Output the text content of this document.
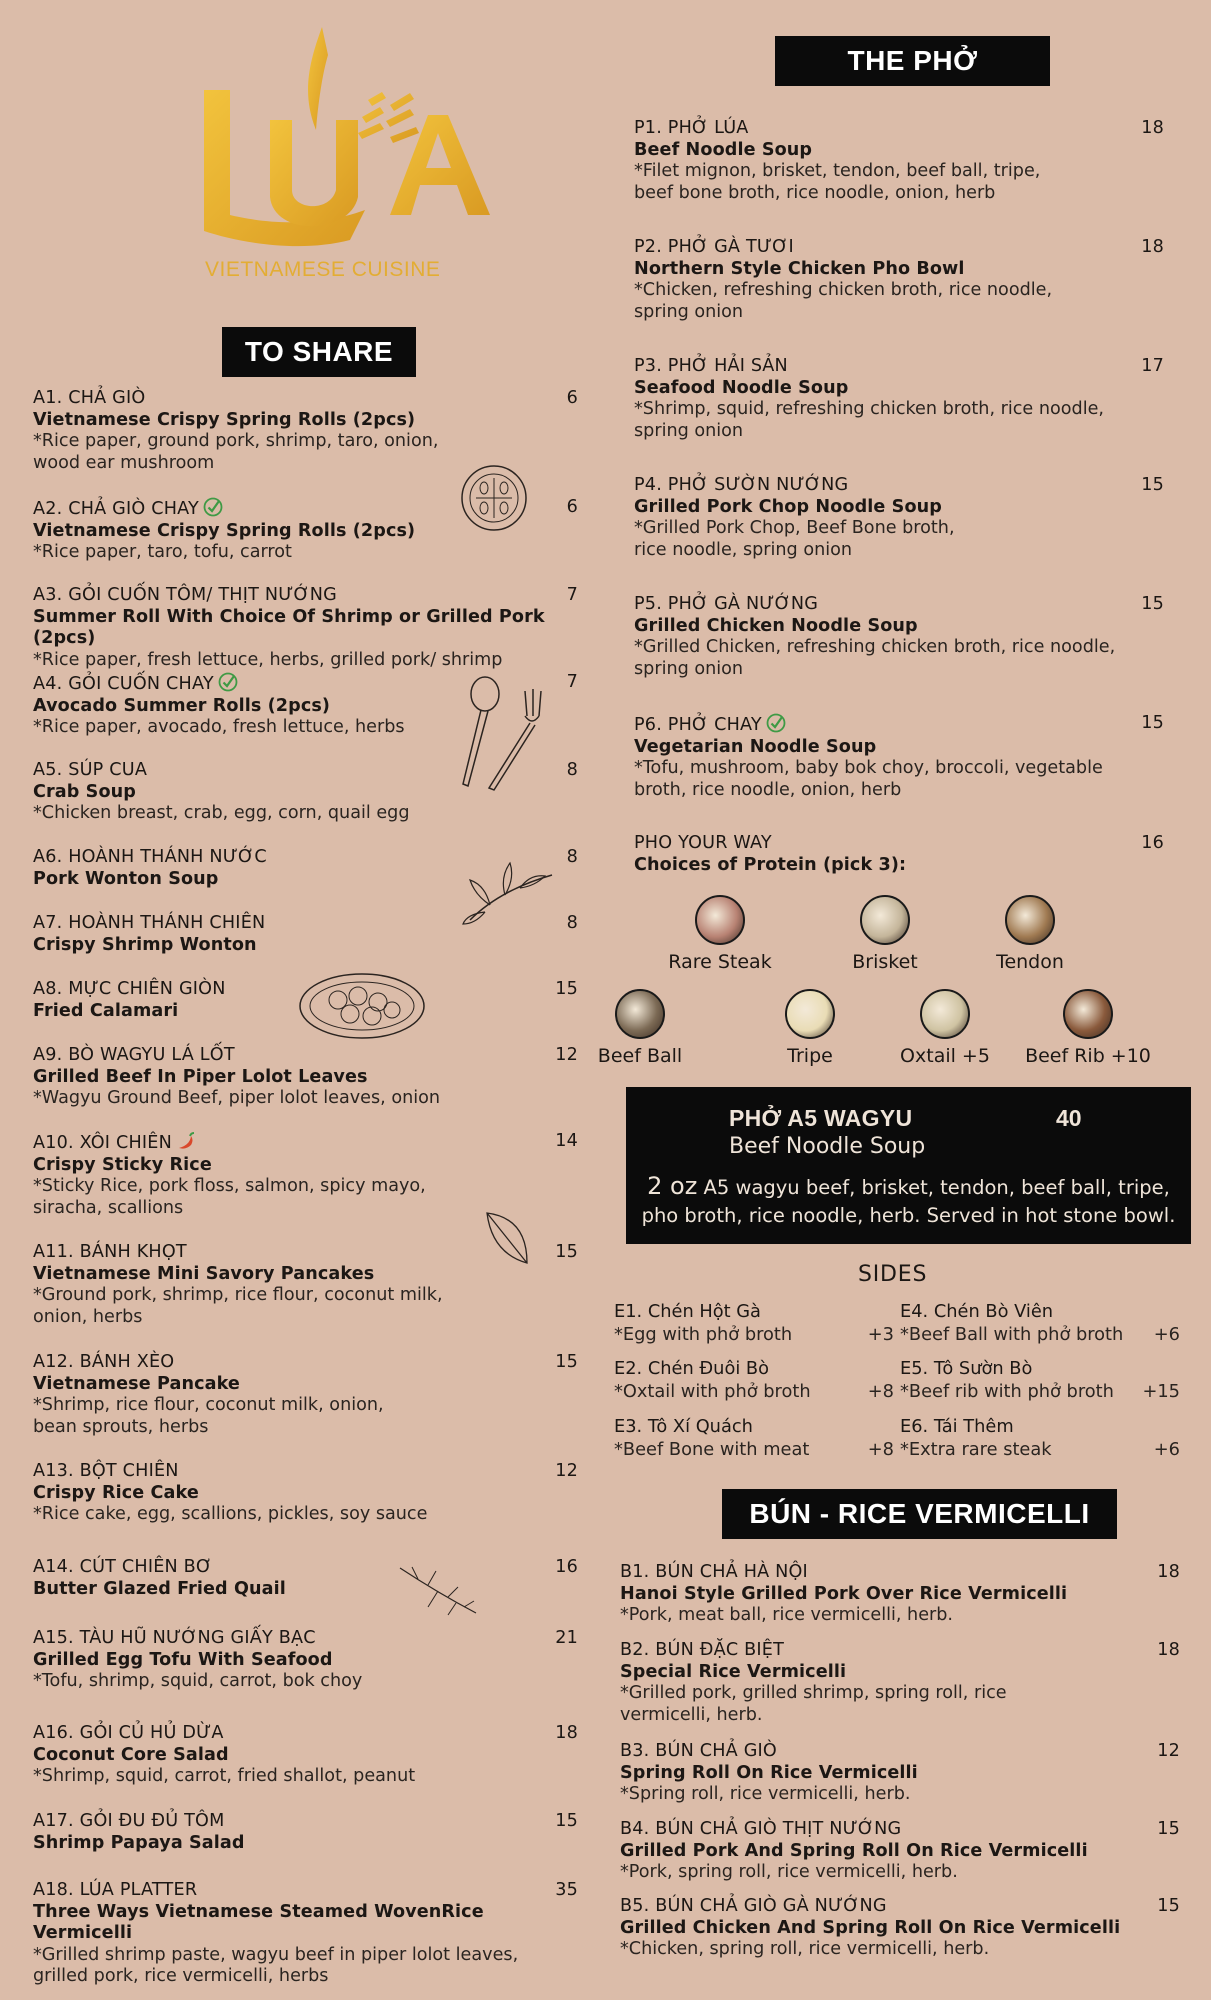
VIETNAMESE CUISINE
TO SHARE
THE PHỞ
BÚN - RICE VERMICELLI
A1. CHẢ GIÒ	6
Vietnamese Crispy Spring Rolls (2pcs)
*Rice paper, ground pork, shrimp, taro, onion,
wood ear mushroom
A2. CHẢ GIÒ CHAY	6
Vietnamese Crispy Spring Rolls (2pcs)
*Rice paper, taro, tofu, carrot
A3. GỎI CUỐN TÔM/ THỊT NƯỚNG	7
Summer Roll With Choice Of Shrimp or Grilled Pork (2pcs)
*Rice paper, fresh lettuce, herbs, grilled pork/ shrimp
A4. GỎI CUỐN CHAY	7
Avocado Summer Rolls (2pcs)
*Rice paper, avocado, fresh lettuce, herbs
A5. SÚP CUA	8
Crab Soup
*Chicken breast, crab, egg, corn, quail egg
A6. HOÀNH THÁNH NƯỚC	8
Pork Wonton Soup
A7. HOÀNH THÁNH CHIÊN	8
Crispy Shrimp Wonton
A8. MỰC CHIÊN GIÒN	15
Fried Calamari
A9. BÒ WAGYU LÁ LỐT	12
Grilled Beef In Piper Lolot Leaves
*Wagyu Ground Beef, piper lolot leaves, onion
A10. XÔI CHIÊN	14
Crispy Sticky Rice
*Sticky Rice, pork floss, salmon, spicy mayo,
siracha, scallions
A11. BÁNH KHỌT	15
Vietnamese Mini Savory Pancakes
*Ground pork, shrimp, rice flour, coconut milk,
onion, herbs
A12. BÁNH XÈO	15
Vietnamese Pancake
*Shrimp, rice flour, coconut milk, onion,
bean sprouts, herbs
A13. BỘT CHIÊN	12
Crispy Rice Cake
*Rice cake, egg, scallions, pickles, soy sauce
A14. CÚT CHIÊN BƠ	16
Butter Glazed Fried Quail
A15. TÀU HŨ NƯỚNG GIẤY BẠC	21
Grilled Egg Tofu With Seafood
*Tofu, shrimp, squid, carrot, bok choy
A16. GỎI CỦ HỦ DỪA	18
Coconut Core Salad
*Shrimp, squid, carrot, fried shallot, peanut
A17. GỎI ĐU ĐỦ TÔM	15
Shrimp Papaya Salad
A18. LÚA PLATTER	35
Three Ways Vietnamese Steamed WovenRice Vermicelli
*Grilled shrimp paste, wagyu beef in piper lolot leaves,
grilled pork, rice vermicelli, herbs
P1. PHỞ LÚA	18
Beef Noodle Soup
*Filet mignon, brisket, tendon, beef ball, tripe,
beef bone broth, rice noodle, onion, herb
P2. PHỞ GÀ TƯƠI	18
Northern Style Chicken Pho Bowl
*Chicken, refreshing chicken broth, rice noodle,
spring onion
P3. PHỞ HẢI SẢN	17
Seafood Noodle Soup
*Shrimp, squid, refreshing chicken broth, rice noodle,
spring onion
P4. PHỞ SƯỜN NƯỚNG	15
Grilled Pork Chop Noodle Soup
*Grilled Pork Chop, Beef Bone broth,
rice noodle, spring onion
P5. PHỞ GÀ NƯỚNG	15
Grilled Chicken Noodle Soup
*Grilled Chicken, refreshing chicken broth, rice noodle,
spring onion
P6. PHỞ CHAY	15
Vegetarian Noodle Soup
*Tofu, mushroom, baby bok choy, broccoli, vegetable
broth, rice noodle, onion, herb
PHO YOUR WAY	16
Choices of Protein (pick 3):
Rare Steak	Brisket	Tendon
Beef Ball	Tripe	Oxtail +5	Beef Rib +10
PHỞ A5 WAGYU	40
Beef Noodle Soup
2 oz A5 wagyu beef, brisket, tendon, beef ball, tripe,
pho broth, rice noodle, herb. Served in hot stone bowl.
SIDES
E1. Chén Hột Gà
*Egg with phở broth	+3
E2. Chén Đuôi Bò
*Oxtail with phở broth	+8
E3. Tô Xí Quách
*Beef Bone with meat	+8
E4. Chén Bò Viên
*Beef Ball with phở broth +6
E5. Tô Sườn Bò
*Beef rib with phở broth +15
E6. Tái Thêm
*Extra rare steak	+6
B1. BÚN CHẢ HÀ NỘI	18
Hanoi Style Grilled Pork Over Rice Vermicelli
*Pork, meat ball, rice vermicelli, herb.
B2. BÚN ĐẶC BIỆT	18
Special Rice Vermicelli
*Grilled pork, grilled shrimp, spring roll, rice
vermicelli, herb.
B3. BÚN CHẢ GIÒ	12
Spring Roll On Rice Vermicelli
*Spring roll, rice vermicelli, herb.
B4. BÚN CHẢ GIÒ THỊT NƯỚNG	15
Grilled Pork And Spring Roll On Rice Vermicelli
*Pork, spring roll, rice vermicelli, herb.
B5. BÚN CHẢ GIÒ GÀ NƯỚNG	15
Grilled Chicken And Spring Roll On Rice Vermicelli
*Chicken, spring roll, rice vermicelli, herb.
